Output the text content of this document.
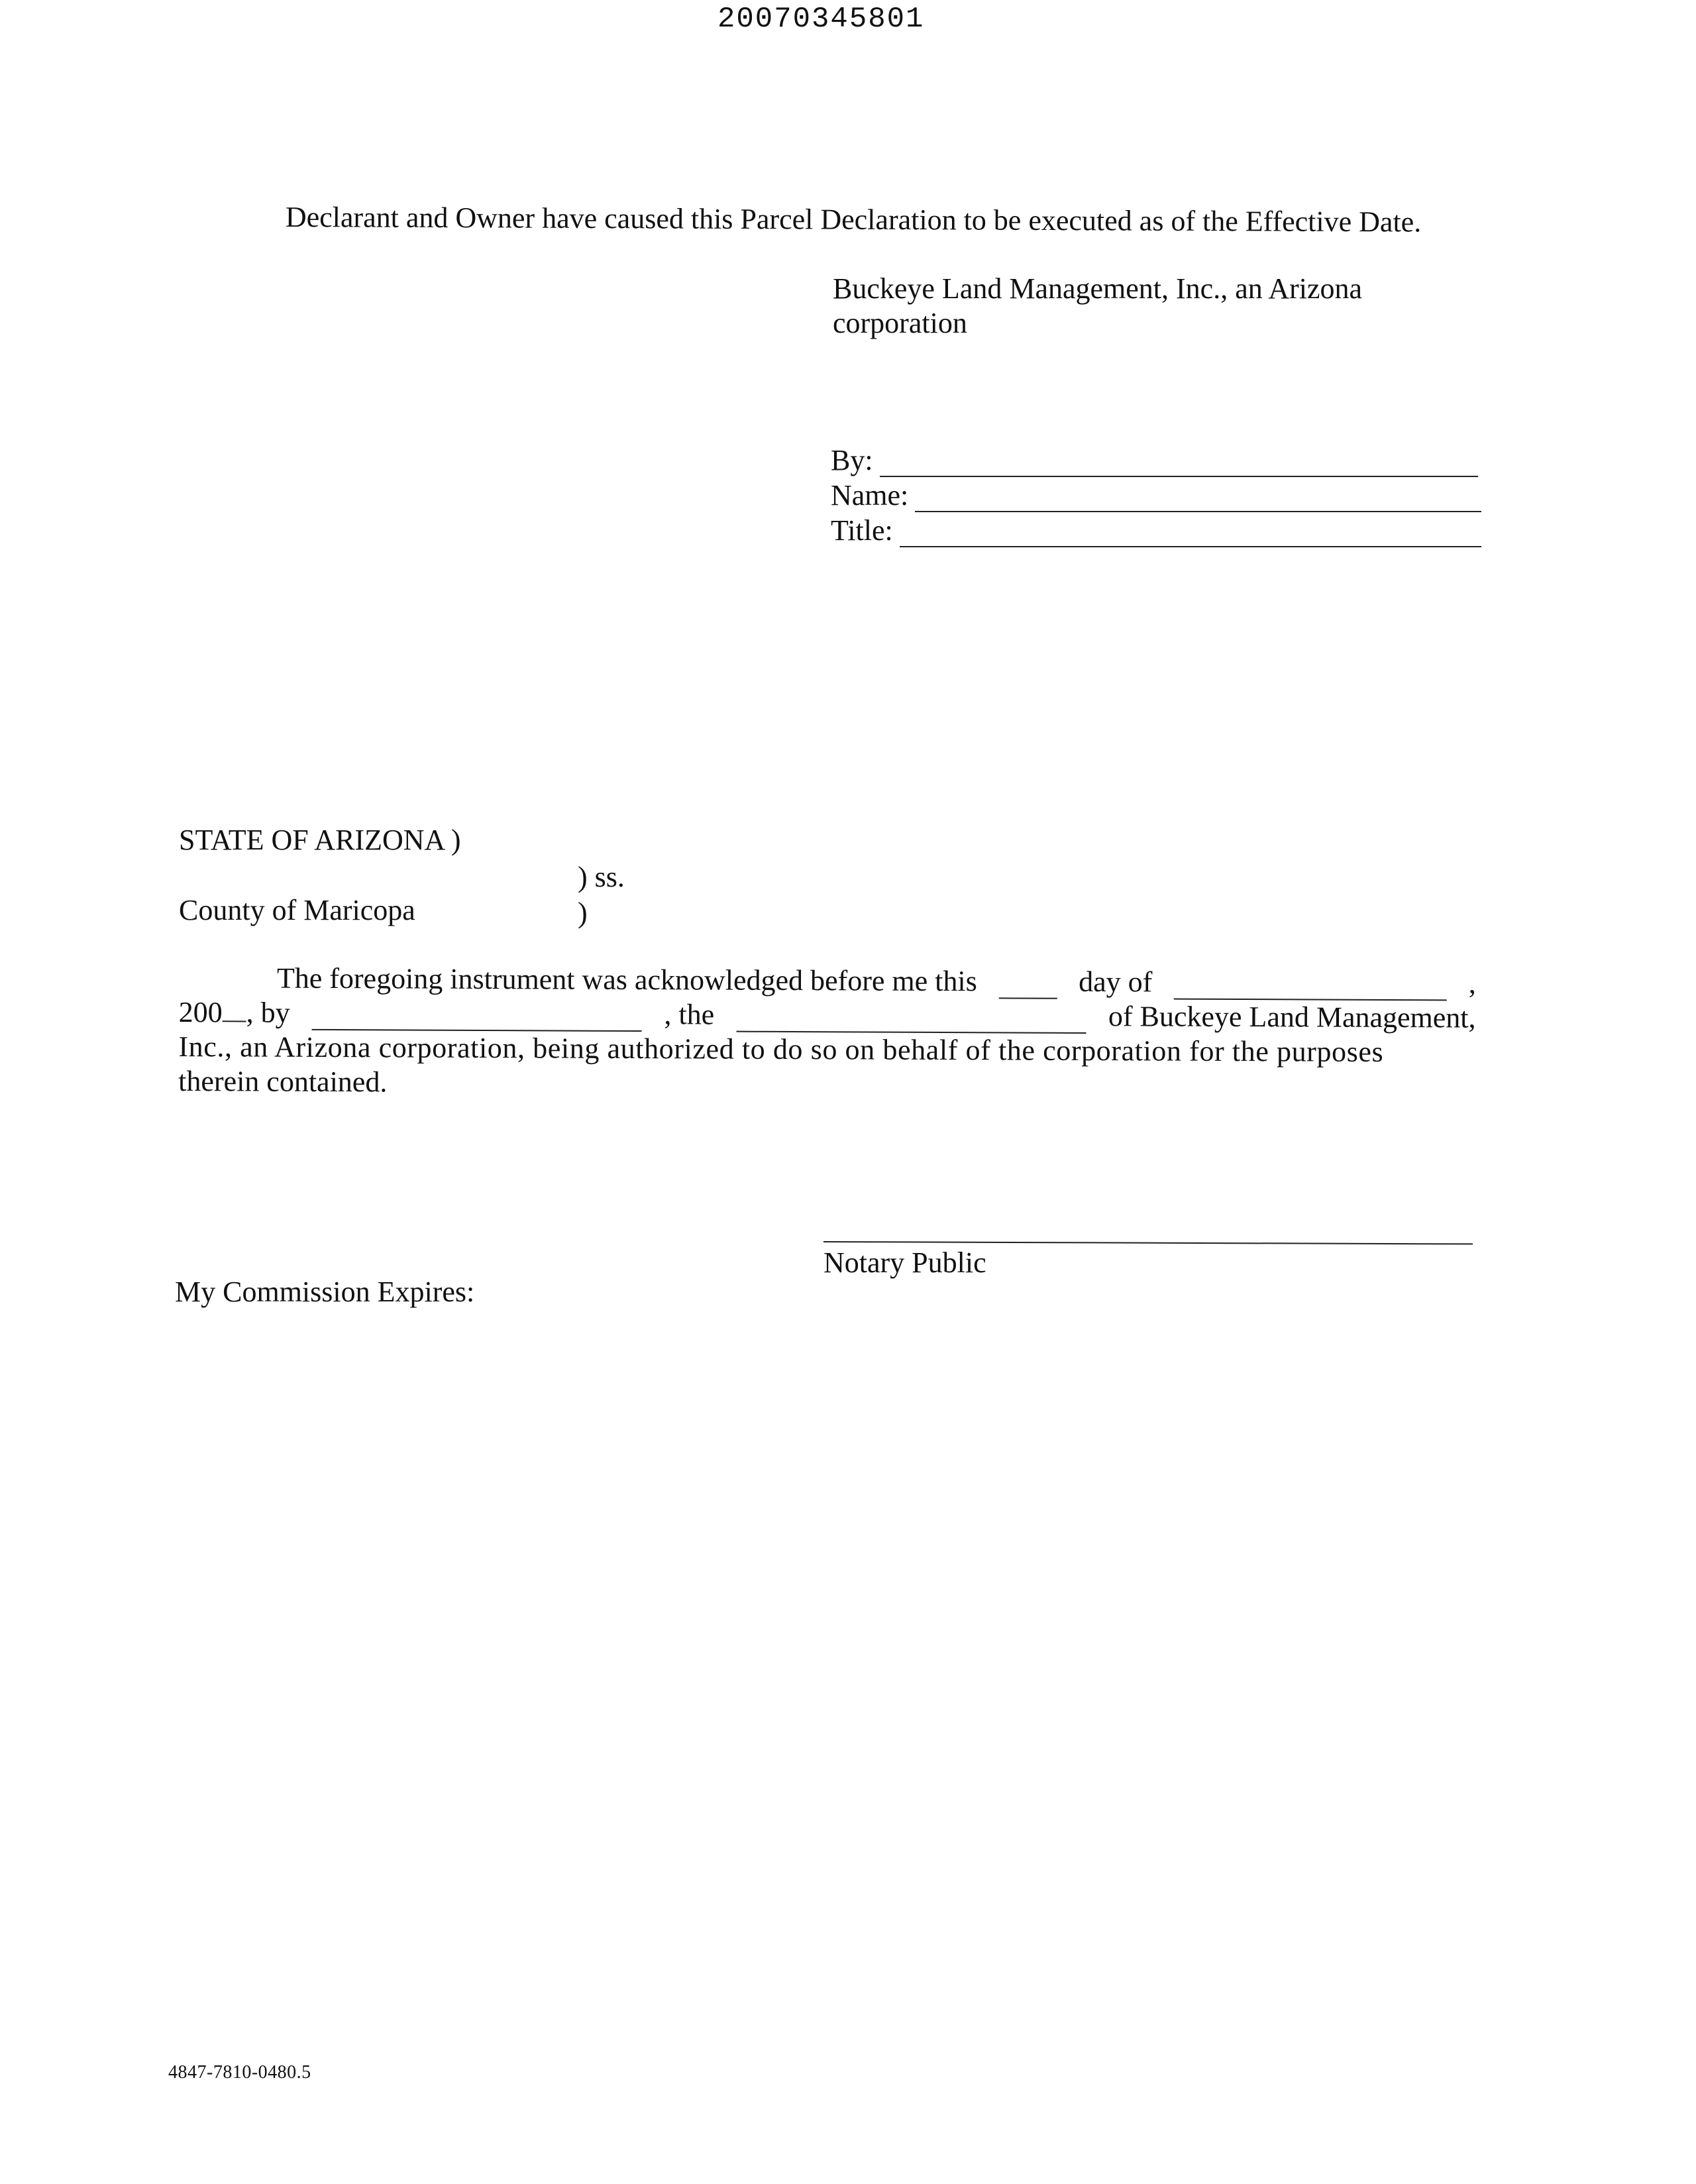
20070345801
Declarant and Owner have caused this Parcel Declaration to be executed as of the Effective Date.
Buckeye Land Management, Inc., an Arizona
corporation
By:
Name:
Title:
STATE OF ARIZONA )
) ss.
County of Maricopa	)
The foregoing instrument was acknowledged before me this	day of	,
200 , by	, the	of Buckeye Land Management,
Inc., an Arizona corporation, being authorized to do so on behalf of the corporation for the purposes
therein contained.
Notary Public
My Commission Expires:
4847-7810-0480.5
